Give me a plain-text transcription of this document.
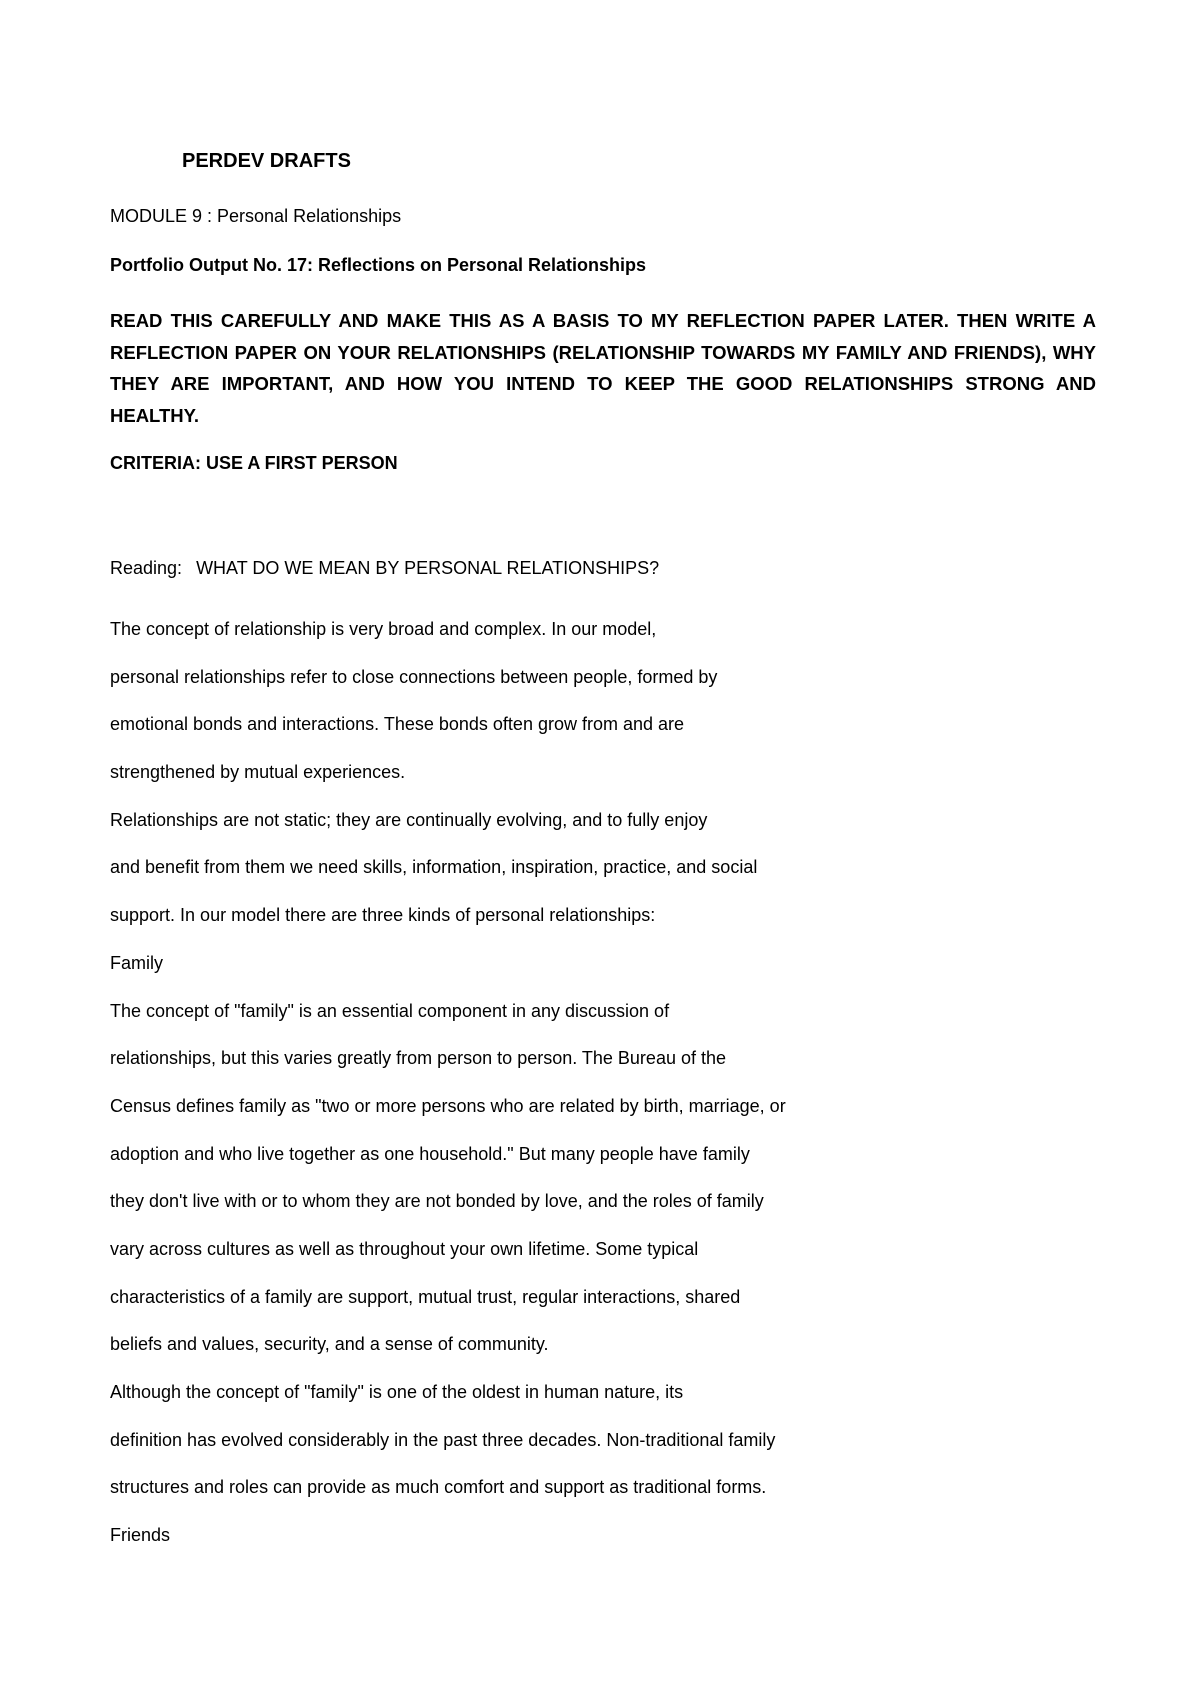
PERDEV DRAFTS
MODULE 9 : Personal Relationships
Portfolio Output No. 17: Reflections on Personal Relationships
READ THIS CAREFULLY AND MAKE THIS AS A BASIS TO MY REFLECTION PAPER LATER. THEN WRITE A REFLECTION PAPER ON YOUR RELATIONSHIPS (RELATIONSHIP TOWARDS MY FAMILY AND FRIENDS), WHY THEY ARE IMPORTANT, AND HOW YOU INTEND TO KEEP THE GOOD RELATIONSHIPS STRONG AND HEALTHY.
CRITERIA: USE A FIRST PERSON
Reading: WHAT DO WE MEAN BY PERSONAL RELATIONSHIPS?
The concept of relationship is very broad and complex. In our model,
personal relationships refer to close connections between people, formed by
emotional bonds and interactions. These bonds often grow from and are
strengthened by mutual experiences.
Relationships are not static; they are continually evolving, and to fully enjoy
and benefit from them we need skills, information, inspiration, practice, and social
support. In our model there are three kinds of personal relationships:
Family
The concept of "family" is an essential component in any discussion of
relationships, but this varies greatly from person to person. The Bureau of the
Census defines family as "two or more persons who are related by birth, marriage, or
adoption and who live together as one household." But many people have family
they don't live with or to whom they are not bonded by love, and the roles of family
vary across cultures as well as throughout your own lifetime. Some typical
characteristics of a family are support, mutual trust, regular interactions, shared
beliefs and values, security, and a sense of community.
Although the concept of "family" is one of the oldest in human nature, its
definition has evolved considerably in the past three decades. Non-traditional family
structures and roles can provide as much comfort and support as traditional forms.
Friends
